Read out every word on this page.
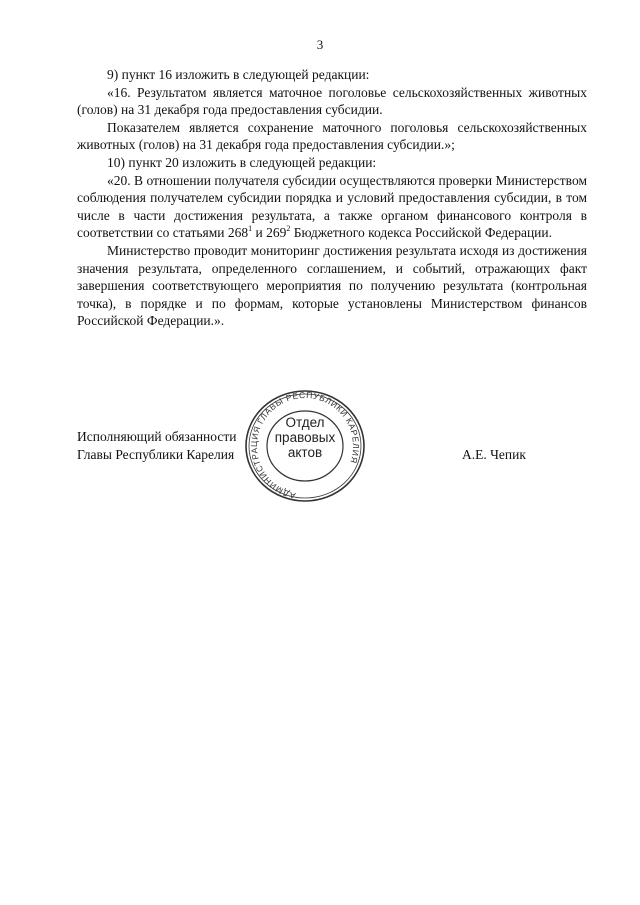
3

9) пункт 16 изложить в следующей редакции:

«16. Результатом является маточное поголовье сельскохозяйственных животных (голов) на 31 декабря года предоставления субсидии.

Показателем является сохранение маточного поголовья сельскохозяйственных животных (голов) на 31 декабря года предоставления субсидии.»;

10) пункт 20 изложить в следующей редакции:

«20. В отношении получателя субсидии осуществляются проверки Министерством соблюдения получателем субсидии порядка и условий предоставления субсидии, в том числе в части достижения результата, а также органом финансового контроля в соответствии со статьями $268^1$ и $269^2$ Бюджетного кодекса Российской Федерации.

Министерство проводит мониторинг достижения результата исходя из достижения значения результата, определенного соглашением, и событий, отражающих факт завершения соответствующего мероприятия по получению результата (контрольная точка), в порядке и по формам, которые установлены Министерством финансов Российской Федерации.».

Исполняющий обязанности
Главы Республики Карелия
АДМИНИСТРАЦИЯ ГЛАВЫ РЕСПУБЛИКИ КАРЕЛИЯ
Отдел
правовых
актов	А.Е. Чепик
